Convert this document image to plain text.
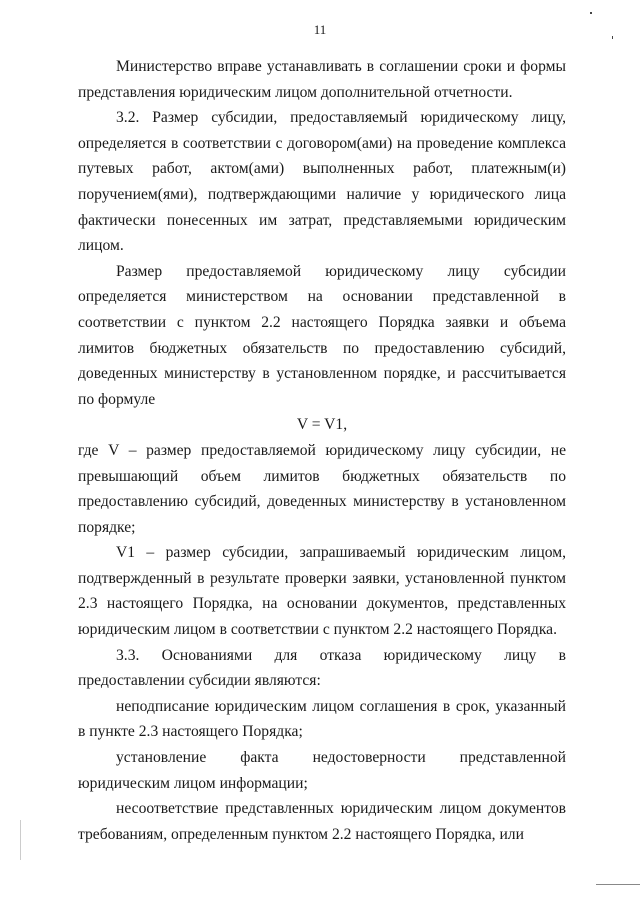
11

Министерство вправе устанавливать в соглашении сроки и формы представления юридическим лицом дополнительной отчетности.

3.2. Размер субсидии, предоставляемый юридическому лицу, определяется в соответствии с договором(ами) на проведение комплекса путевых работ, актом(ами) выполненных работ, платежным(и) поручением(ями), подтверждающими наличие у юридического лица фактически понесенных им затрат, представляемыми юридическим лицом.

Размер предоставляемой юридическому лицу субсидии определяется министерством на основании представленной в соответствии с пунктом 2.2 настоящего Порядка заявки и объема лимитов бюджетных обязательств по предоставлению субсидий, доведенных министерству в установленном порядке, и рассчитывается по формуле

V = V1,

где V – размер предоставляемой юридическому лицу субсидии, не превышающий объем лимитов бюджетных обязательств по предоставлению субсидий, доведенных министерству в установленном порядке;

V1 – размер субсидии, запрашиваемый юридическим лицом, подтвержденный в результате проверки заявки, установленной пунктом 2.3 настоящего Порядка, на основании документов, представленных юридическим лицом в соответствии с пунктом 2.2 настоящего Порядка.

3.3. Основаниями для отказа юридическому лицу в предоставлении субсидии являются:

неподписание юридическим лицом соглашения в срок, указанный в пункте 2.3 настоящего Порядка;

установление факта недостоверности представленной юридическим лицом информации;

несоответствие представленных юридическим лицом документов требованиям, определенным пунктом 2.2 настоящего Порядка, или
